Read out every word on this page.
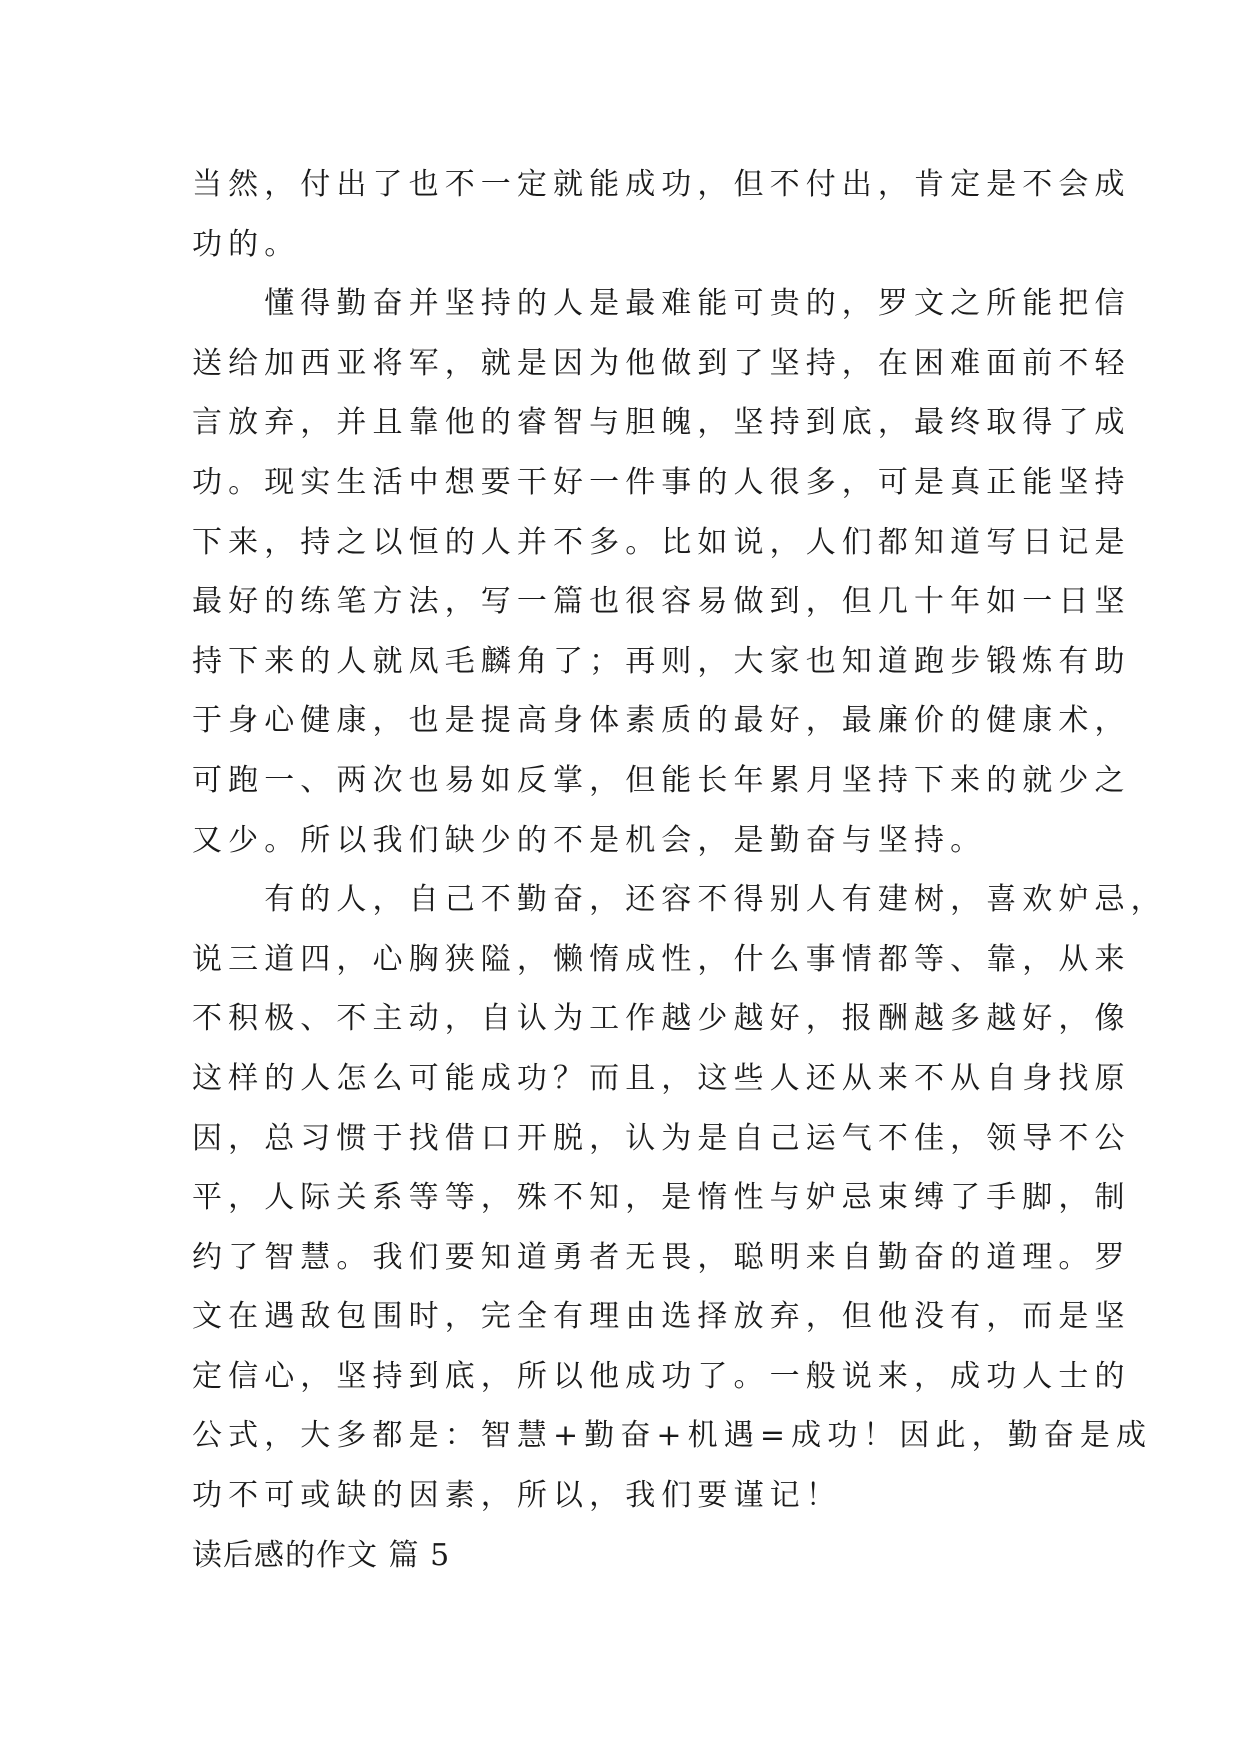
当然，付出了也不一定就能成功，但不付出，肯定是不会成
功的。
　　懂得勤奋并坚持的人是最难能可贵的，罗文之所能把信
送给加西亚将军，就是因为他做到了坚持，在困难面前不轻
言放弃，并且靠他的睿智与胆魄，坚持到底，最终取得了成
功。现实生活中想要干好一件事的人很多，可是真正能坚持
下来，持之以恒的人并不多。比如说，人们都知道写日记是
最好的练笔方法，写一篇也很容易做到，但几十年如一日坚
持下来的人就凤毛麟角了；再则，大家也知道跑步锻炼有助
于身心健康，也是提高身体素质的最好，最廉价的健康术，
可跑一、两次也易如反掌，但能长年累月坚持下来的就少之
又少。所以我们缺少的不是机会，是勤奋与坚持。
　　有的人，自己不勤奋，还容不得别人有建树，喜欢妒忌，
说三道四，心胸狭隘，懒惰成性，什么事情都等、靠，从来
不积极、不主动，自认为工作越少越好，报酬越多越好，像
这样的人怎么可能成功？而且，这些人还从来不从自身找原
因，总习惯于找借口开脱，认为是自己运气不佳，领导不公
平，人际关系等等，殊不知，是惰性与妒忌束缚了手脚，制
约了智慧。我们要知道勇者无畏，聪明来自勤奋的道理。罗
文在遇敌包围时，完全有理由选择放弃，但他没有，而是坚
定信心，坚持到底，所以他成功了。一般说来，成功人士的
公式，大多都是：智慧+勤奋+机遇=成功！因此，勤奋是成
功不可或缺的因素，所以，我们要谨记！
读后感的作文 篇 5
